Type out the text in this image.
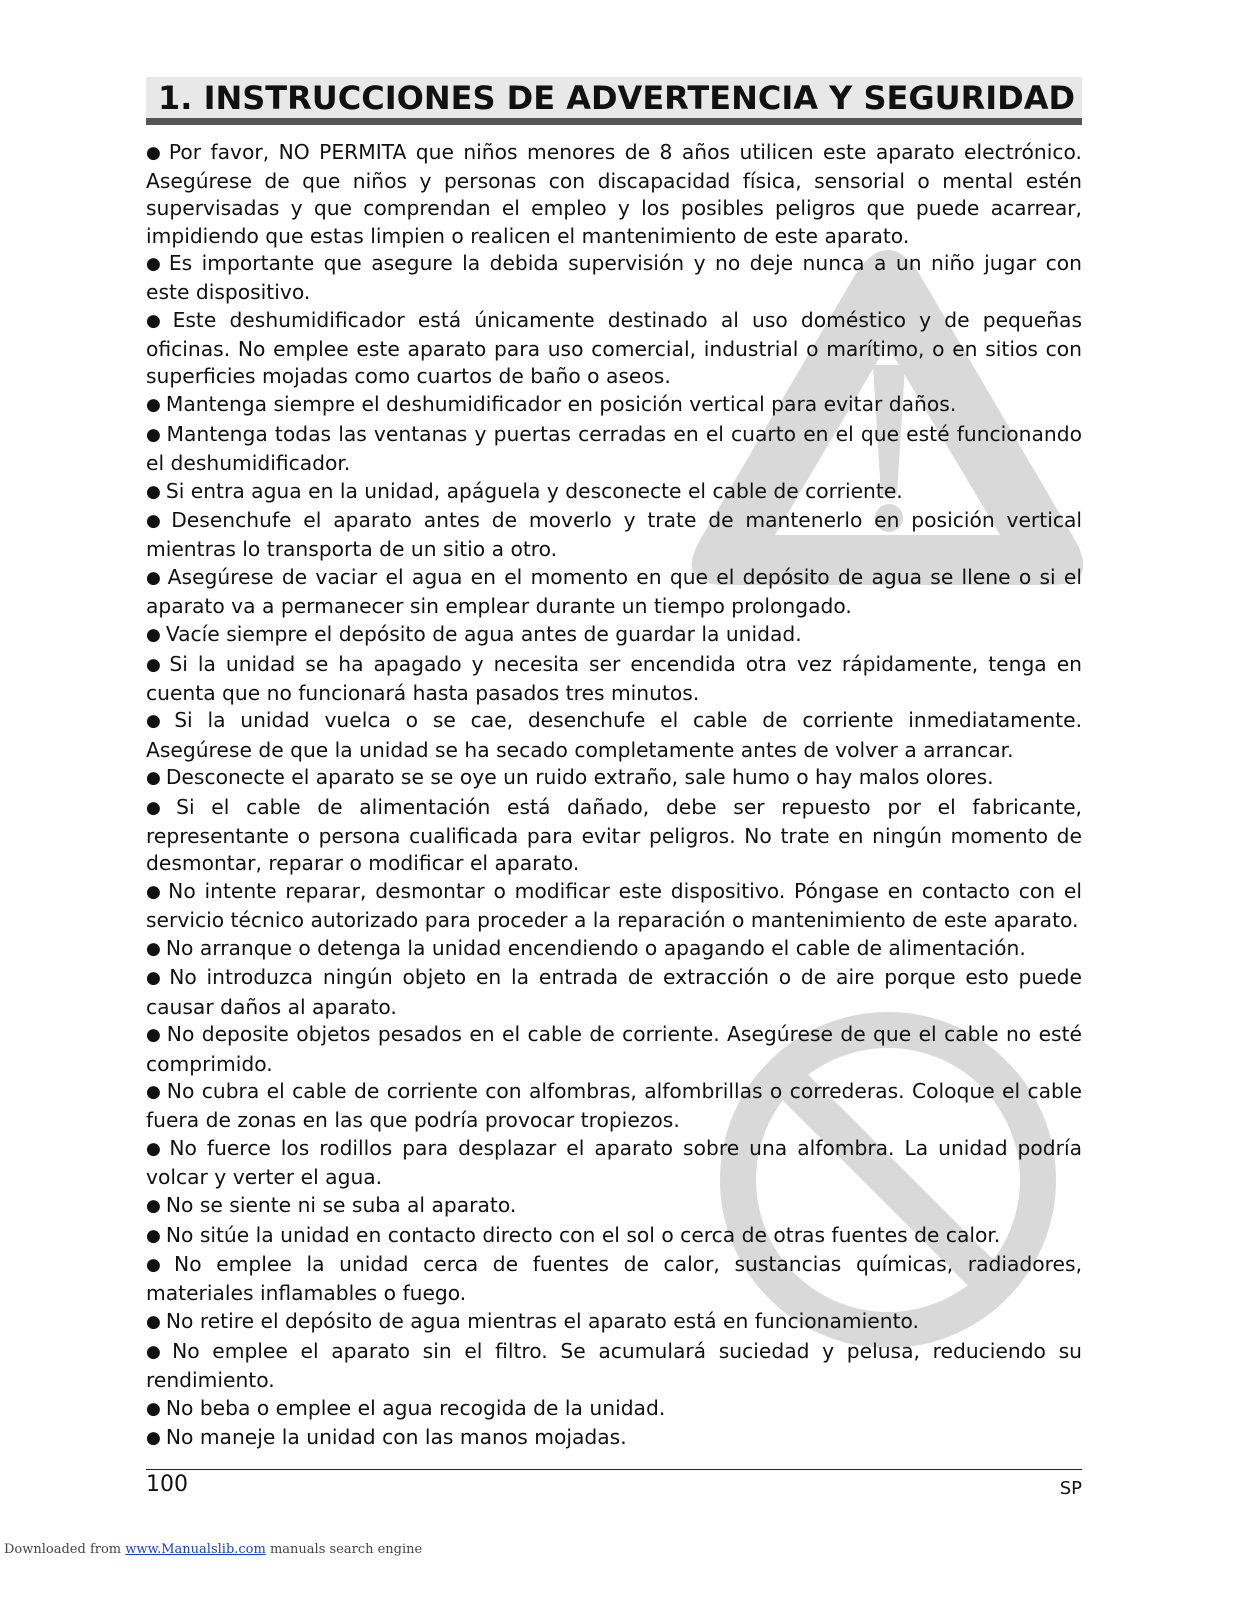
1. INSTRUCCIONES DE ADVERTENCIA Y SEGURIDAD

● Por favor, NO PERMITA que niños menores de 8 años utilicen este aparato electrónico. Asegúrese de que niños y personas con discapacidad física, sensorial o mental estén supervisadas y que comprendan el empleo y los posibles peligros que puede acarrear, impidiendo que estas limpien o realicen el mantenimiento de este aparato.

● Es importante que asegure la debida supervisión y no deje nunca a un niño jugar con este dispositivo.

● Este deshumidificador está únicamente destinado al uso doméstico y de pequeñas oficinas. No emplee este aparato para uso comercial, industrial o marítimo, o en sitios con superficies mojadas como cuartos de baño o aseos.

● Mantenga siempre el deshumidificador en posición vertical para evitar daños.

● Mantenga todas las ventanas y puertas cerradas en el cuarto en el que esté funcionando el deshumidificador.

● Si entra agua en la unidad, apáguela y desconecte el cable de corriente.

● Desenchufe el aparato antes de moverlo y trate de mantenerlo en posición vertical mientras lo transporta de un sitio a otro.

● Asegúrese de vaciar el agua en el momento en que el depósito de agua se llene o si el aparato va a permanecer sin emplear durante un tiempo prolongado.

● Vacíe siempre el depósito de agua antes de guardar la unidad.

● Si la unidad se ha apagado y necesita ser encendida otra vez rápidamente, tenga en cuenta que no funcionará hasta pasados tres minutos.

● Si la unidad vuelca o se cae, desenchufe el cable de corriente inmediatamente. Asegúrese de que la unidad se ha secado completamente antes de volver a arrancar.

● Desconecte el aparato se se oye un ruido extraño, sale humo o hay malos olores.

● Si el cable de alimentación está dañado, debe ser repuesto por el fabricante, representante o persona cualificada para evitar peligros. No trate en ningún momento de desmontar, reparar o modificar el aparato.

● No intente reparar, desmontar o modificar este dispositivo. Póngase en contacto con el servicio técnico autorizado para proceder a la reparación o mantenimiento de este aparato.

● No arranque o detenga la unidad encendiendo o apagando el cable de alimentación.

● No introduzca ningún objeto en la entrada de extracción o de aire porque esto puede causar daños al aparato.

● No deposite objetos pesados en el cable de corriente. Asegúrese de que el cable no esté comprimido.

● No cubra el cable de corriente con alfombras, alfombrillas o correderas. Coloque el cable fuera de zonas en las que podría provocar tropiezos.

● No fuerce los rodillos para desplazar el aparato sobre una alfombra. La unidad podría volcar y verter el agua.

● No se siente ni se suba al aparato.

● No sitúe la unidad en contacto directo con el sol o cerca de otras fuentes de calor.

● No emplee la unidad cerca de fuentes de calor, sustancias químicas, radiadores, materiales inflamables o fuego.

● No retire el depósito de agua mientras el aparato está en funcionamiento.

● No emplee el aparato sin el filtro. Se acumulará suciedad y pelusa, reduciendo su rendimiento.

● No beba o emplee el agua recogida de la unidad.

● No maneje la unidad con las manos mojadas.

100	SP
Downloaded from www.Manualslib.com manuals search engine
